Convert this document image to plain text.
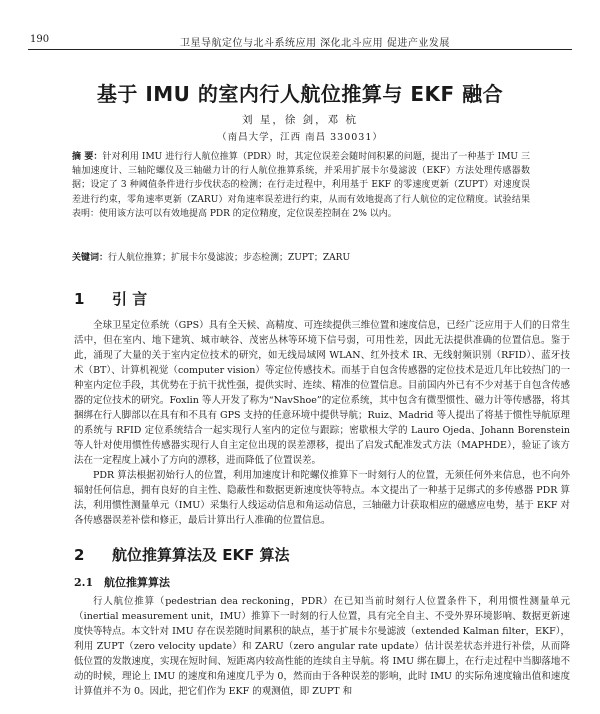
190	卫星导航定位与北斗系统应用 深化北斗应用 促进产业发展
基于 IMU 的室内行人航位推算与 EKF 融合
刘 星，徐 剑，邓 杭
（南昌大学，江西 南昌 330031）
摘 要：针对利用 IMU 进行行人航位推算（PDR）时，其定位误差会随时间积累的问题，提出了一种基于 IMU 三轴加速度计、三轴陀螺仪及三轴磁力计的行人航位推算系统，并采用扩展卡尔曼滤波（EKF）方法处理传感器数据；设定了 3 种阈值条件进行步伐状态的检测；在行走过程中，利用基于 EKF 的零速度更新（ZUPT）对速度误差进行约束，零角速率更新（ZARU）对角速率误差进行约束，从而有效地提高了行人航位的定位精度。试验结果表明：使用该方法可以有效地提高 PDR 的定位精度，定位误差控制在 2% 以内。
关键词：行人航位推算；扩展卡尔曼滤波；步态检测；ZUPT；ZARU
1 引 言

全球卫星定位系统（GPS）具有全天候、高精度、可连续提供三维位置和速度信息，已经广泛应用于人们的日常生活中，但在室内、地下建筑、城市峡谷、茂密丛林等环境下信号弱，可用性差，因此无法提供准确的位置信息。鉴于此，涌现了大量的关于室内定位技术的研究，如无线局域网 WLAN、红外技术 IR、无线射频识别（RFID）、蓝牙技术（BT）、计算机视觉（computer vision）等定位传感技术。而基于自包含传感器的定位技术是近几年比较热门的一种室内定位手段，其优势在于抗干扰性强，提供实时、连续、精准的位置信息。目前国内外已有不少对基于自包含传感器的定位技术的研究。Foxlin 等人开发了称为“NavShoe”的定位系统，其中包含有微型惯性、磁力计等传感器，将其捆绑在行人脚部以在具有和不具有 GPS 支持的任意环境中提供导航；Ruiz、Madrid 等人提出了将基于惯性导航原理的系统与 RFID 定位系统结合一起实现行人室内的定位与跟踪；密歇根大学的 Lauro Ojeda、Johann Borenstein 等人针对使用惯性传感器实现行人自主定位出现的误差漂移，提出了启发式配准发式方法（MAPHDE），验证了该方法在一定程度上减小了方向的漂移，进而降低了位置误差。

PDR 算法根据初始行人的位置，利用加速度计和陀螺仪推算下一时刻行人的位置，无须任何外来信息，也不向外辐射任何信息，拥有良好的自主性、隐蔽性和数据更新速度快等特点。本文提出了一种基于足绑式的多传感器 PDR 算法，利用惯性测量单元（IMU）采集行人线运动信息和角运动信息，三轴磁力计获取相应的磁感应电势，基于 EKF 对各传感器误差补偿和修正，最后计算出行人准确的位置信息。

2 航位推算算法及 EKF 算法
2.1 航位推算算法

行人航位推算（pedestrian dea reckoning，PDR）在已知当前时刻行人位置条件下，利用惯性测量单元（inertial measurement unit，IMU）推算下一时刻的行人位置，具有完全自主、不受外界环境影响、数据更新速度快等特点。本文针对 IMU 存在误差随时间累积的缺点，基于扩展卡尔曼滤波（extended Kalman filter，EKF），利用 ZUPT（zero velocity update）和 ZARU（zero angular rate update）估计误差状态并进行补偿，从而降低位置的发散速度，实现在短时间、短距离内较高性能的连续自主导航。将 IMU 绑在脚上，在行走过程中当脚落地不动的时候，理论上 IMU 的速度和角速度几乎为 0，然而由于各种误差的影响，此时 IMU 的实际角速度输出值和速度计算值并不为 0。因此，把它们作为 EKF 的观测值，即 ZUPT 和
